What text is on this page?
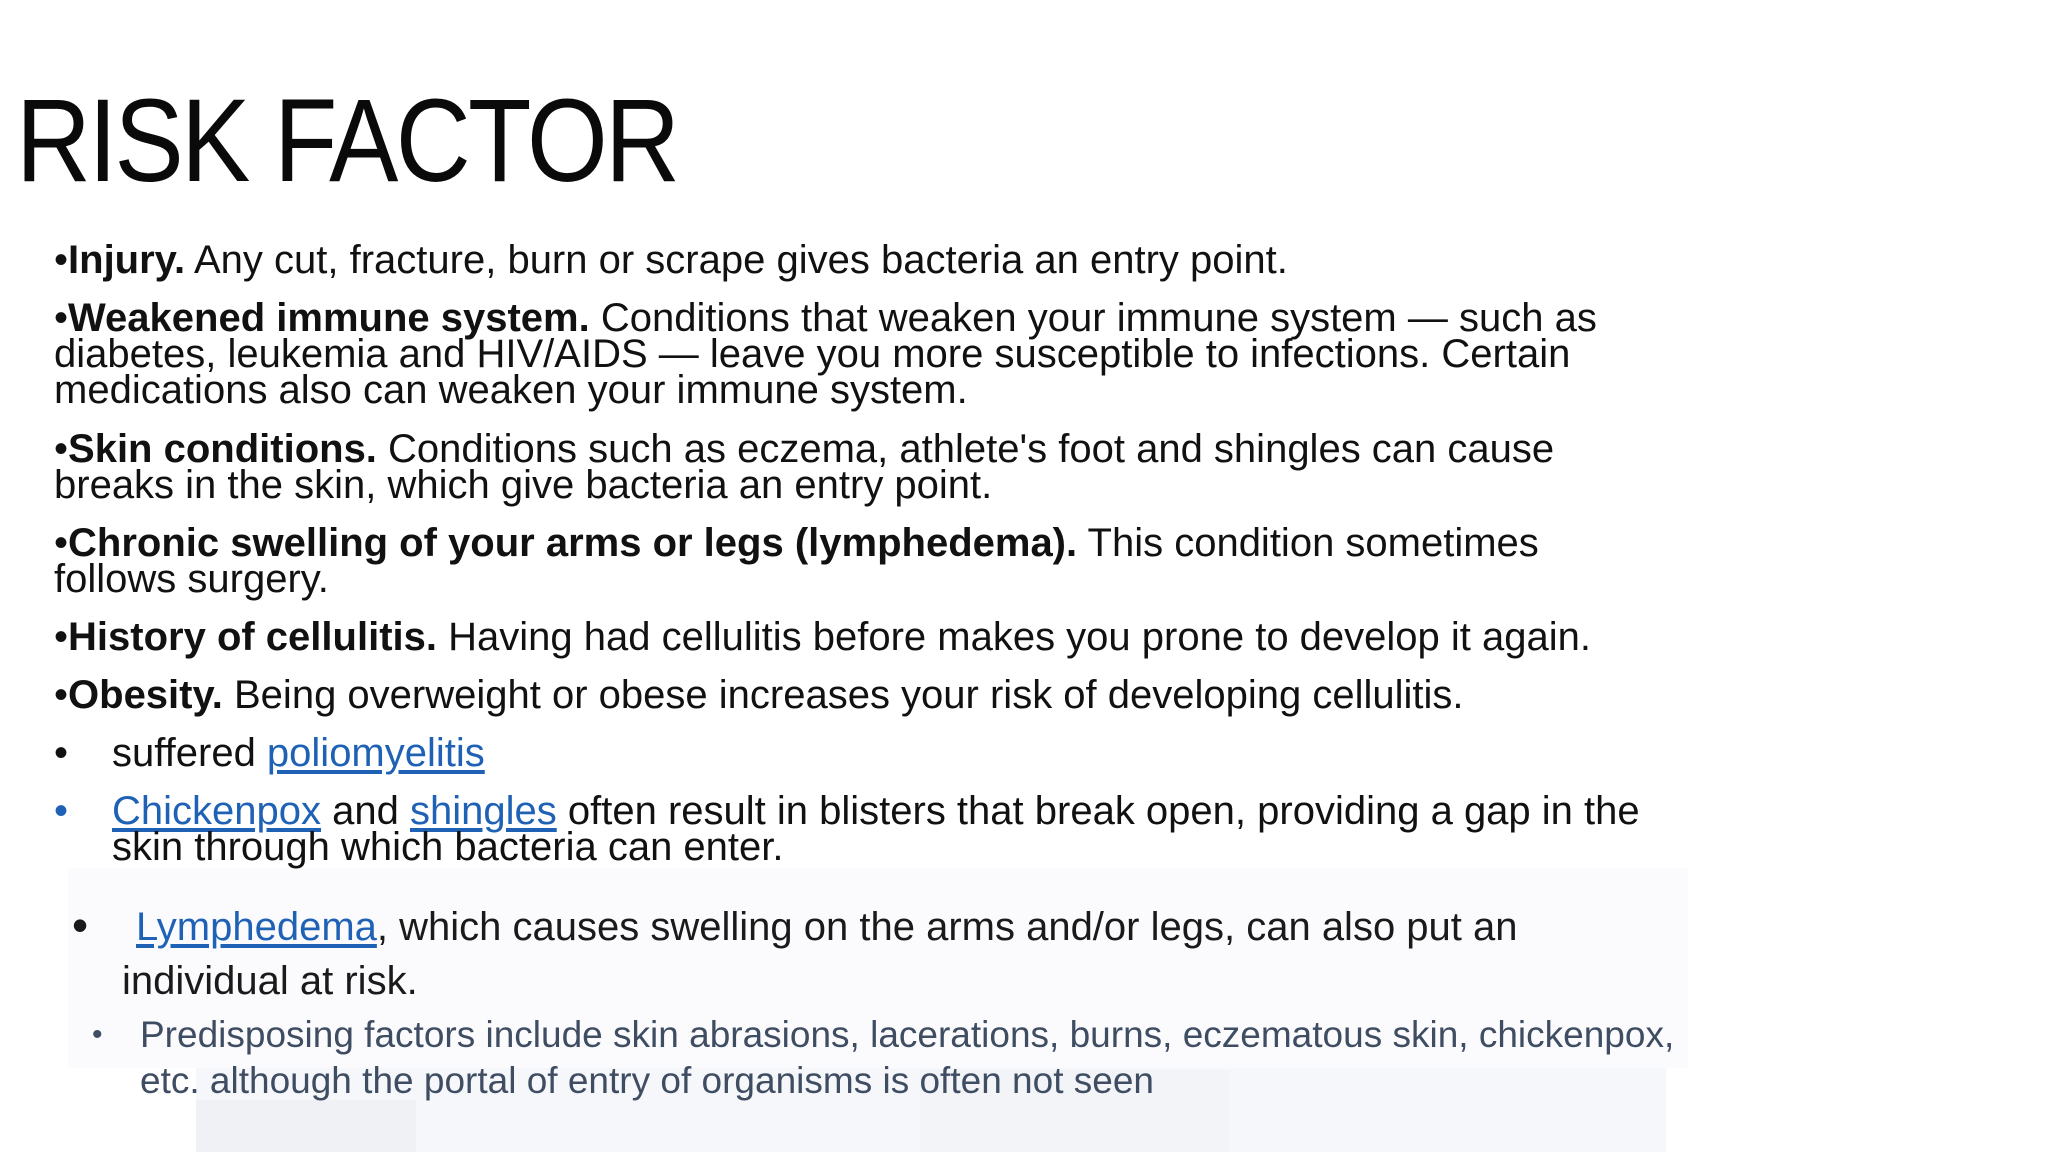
RISK FACTOR
•Injury. Any cut, fracture, burn or scrape gives bacteria an entry point.
•Weakened immune system. Conditions that weaken your immune system — such as
diabetes, leukemia and HIV/AIDS — leave you more susceptible to infections. Certain
medications also can weaken your immune system.
•Skin conditions. Conditions such as eczema, athlete's foot and shingles can cause
breaks in the skin, which give bacteria an entry point.
•Chronic swelling of your arms or legs (lymphedema). This condition sometimes
follows surgery.
•History of cellulitis. Having had cellulitis before makes you prone to develop it again.
•Obesity. Being overweight or obese increases your risk of developing cellulitis.
• suffered poliomyelitis
• Chickenpox and shingles often result in blisters that break open, providing a gap in the
skin through which bacteria can enter.
•	Lymphedema, which causes swelling on the arms and/or legs, can also put an
individual at risk.
• Predisposing factors include skin abrasions, lacerations, burns, eczematous skin, chickenpox,
etc. although the portal of entry of organisms is often not seen
